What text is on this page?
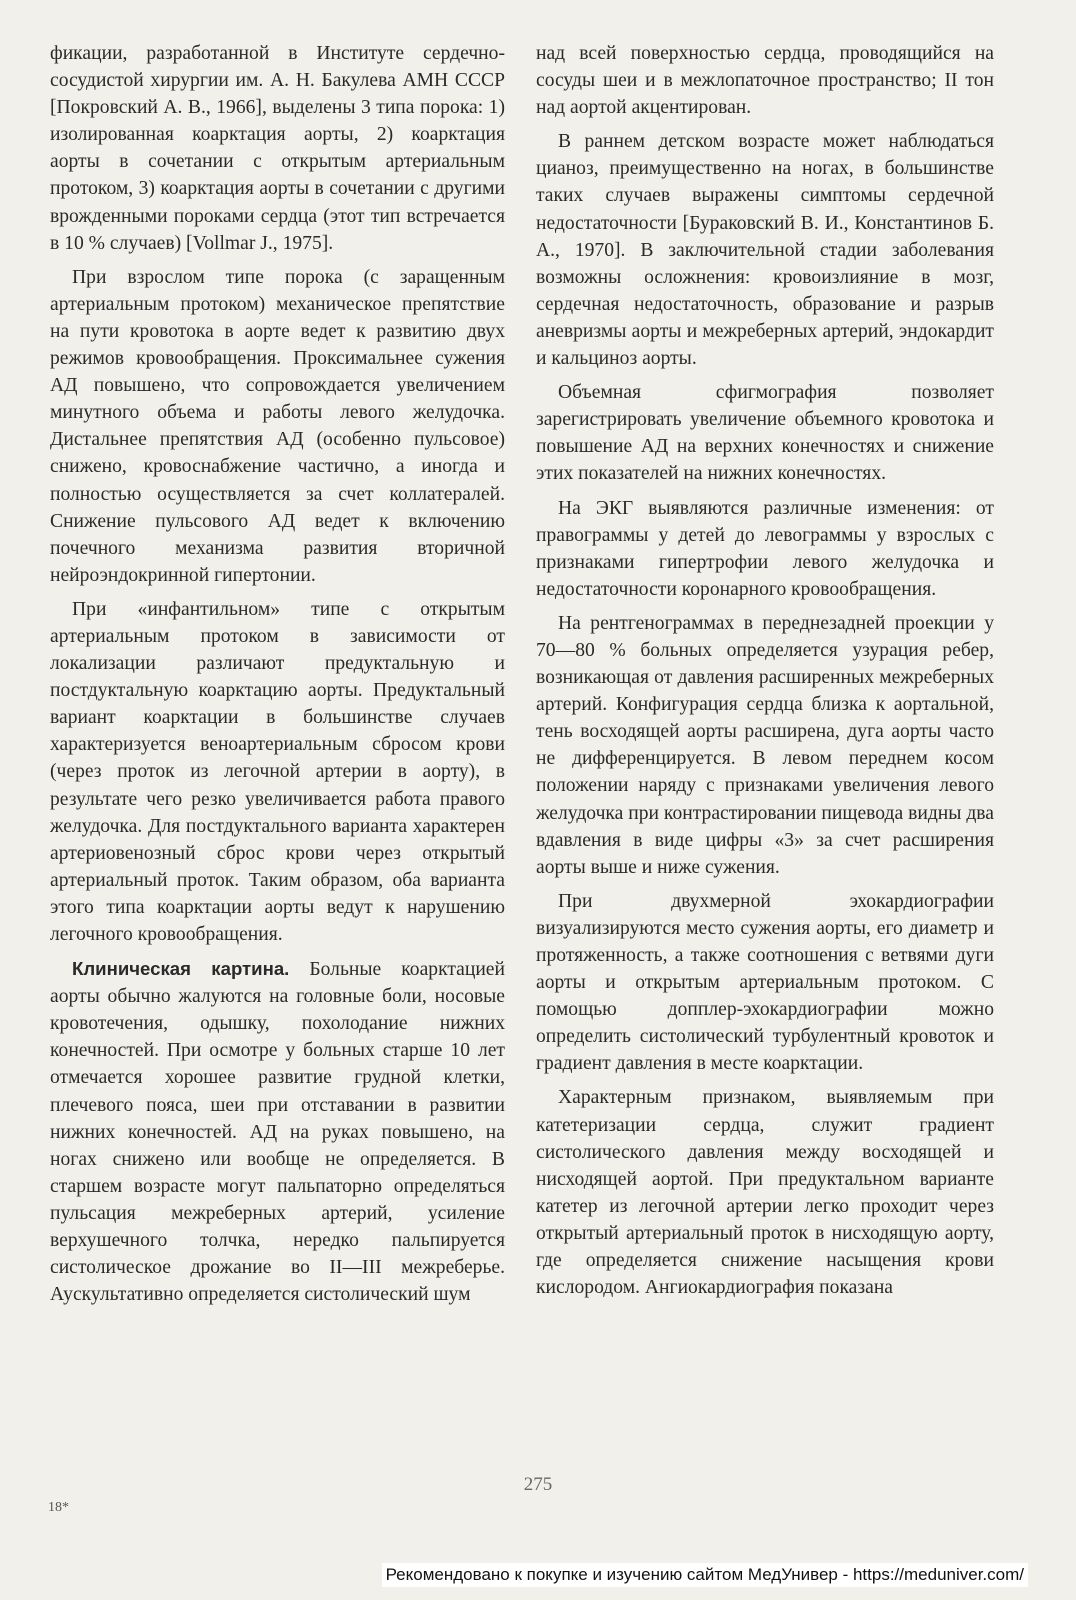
фикации, разработанной в Институте сердечно-сосудистой хирургии им. А. Н. Бакулева АМН СССР [Покровский А. В., 1966], выделены 3 типа порока: 1) изолированная коарктация аорты, 2) коарктация аорты в сочетании с открытым артериальным протоком, 3) коарктация аорты в сочетании с другими врожденными пороками сердца (этот тип встречается в 10 % случаев) [Vollmar J., 1975].

При взрослом типе порока (с заращенным артериальным протоком) механическое препятствие на пути кровотока в аорте ведет к развитию двух режимов кровообращения. Проксимальнее сужения АД повышено, что сопровождается увеличением минутного объема и работы левого желудочка. Дистальнее препятствия АД (особенно пульсовое) снижено, кровоснабжение частично, а иногда и полностью осуществляется за счет коллатералей. Снижение пульсового АД ведет к включению почечного механизма развития вторичной нейроэндокринной гипертонии.

При «инфантильном» типе с открытым артериальным протоком в зависимости от локализации различают предуктальную и постдуктальную коарктацию аорты. Предуктальный вариант коарктации в большинстве случаев характеризуется веноартериальным сбросом крови (через проток из легочной артерии в аорту), в результате чего резко увеличивается работа правого желудочка. Для постдуктального варианта характерен артериовенозный сброс крови через открытый артериальный проток. Таким образом, оба варианта этого типа коарктации аорты ведут к нарушению легочного кровообращения.

Клиническая картина. Больные коарктацией аорты обычно жалуются на головные боли, носовые кровотечения, одышку, похолодание нижних конечностей. При осмотре у больных старше 10 лет отмечается хорошее развитие грудной клетки, плечевого пояса, шеи при отставании в развитии нижних конечностей. АД на руках повышено, на ногах снижено или вообще не определяется. В старшем возрасте могут пальпаторно определяться пульсация межреберных артерий, усиление верхушечного толчка, нередко пальпируется систолическое дрожание во II—III межреберье. Аускультативно определяется систолический шум

над всей поверхностью сердца, проводящийся на сосуды шеи и в межлопаточное пространство; II тон над аортой акцентирован.

В раннем детском возрасте может наблюдаться цианоз, преимущественно на ногах, в большинстве таких случаев выражены симптомы сердечной недостаточности [Бураковский В. И., Константинов Б. А., 1970]. В заключительной стадии заболевания возможны осложнения: кровоизлияние в мозг, сердечная недостаточность, образование и разрыв аневризмы аорты и межреберных артерий, эндокардит и кальциноз аорты.

Объемная сфигмография позволяет зарегистрировать увеличение объемного кровотока и повышение АД на верхних конечностях и снижение этих показателей на нижних конечностях.

На ЭКГ выявляются различные изменения: от правограммы у детей до левограммы у взрослых с признаками гипертрофии левого желудочка и недостаточности коронарного кровообращения.

На рентгенограммах в переднезадней проекции у 70—80 % больных определяется узурация ребер, возникающая от давления расширенных межреберных артерий. Конфигурация сердца близка к аортальной, тень восходящей аорты расширена, дуга аорты часто не дифференцируется. В левом переднем косом положении наряду с признаками увеличения левого желудочка при контрастировании пищевода видны два вдавления в виде цифры «3» за счет расширения аорты выше и ниже сужения.

При двухмерной эхокардиографии визуализируются место сужения аорты, его диаметр и протяженность, а также соотношения с ветвями дуги аорты и открытым артериальным протоком. С помощью допплер-эхокардиографии можно определить систолический турбулентный кровоток и градиент давления в месте коарктации.

Характерным признаком, выявляемым при катетеризации сердца, служит градиент систолического давления между восходящей и нисходящей аортой. При предуктальном варианте катетер из легочной артерии легко проходит через открытый артериальный проток в нисходящую аорту, где определяется снижение насыщения крови кислородом. Ангиокардиография показана

275
18*
Рекомендовано к покупке и изучению сайтом МедУнивер - https://meduniver.com/
